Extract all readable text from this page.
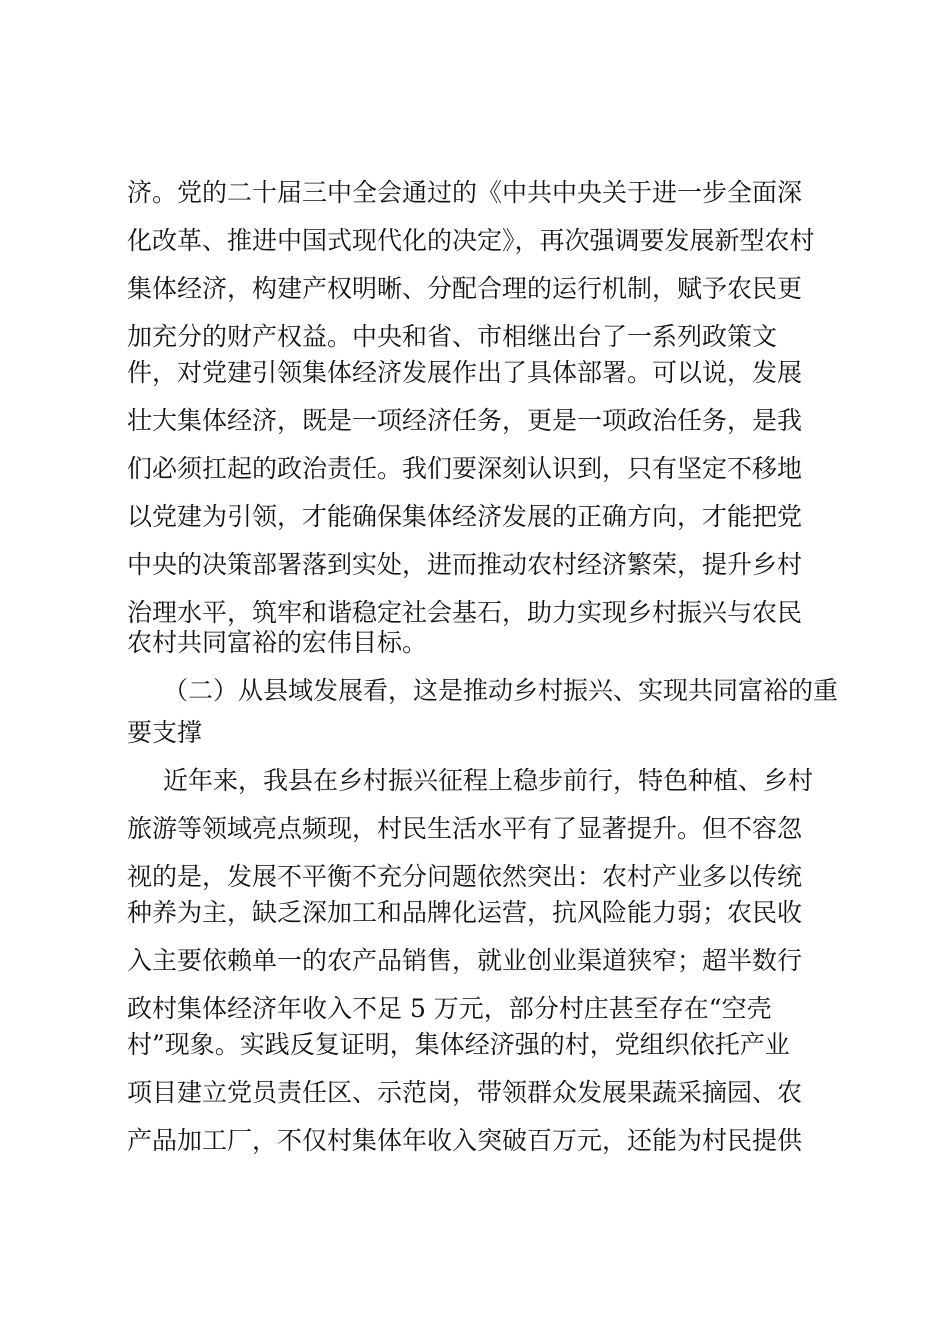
济。党的二十届三中全会通过的《中共中央关于进一步全面深
化改革、推进中国式现代化的决定》，再次强调要发展新型农村
集体经济，构建产权明晰、分配合理的运行机制，赋予农民更
加充分的财产权益。中央和省、市相继出台了一系列政策文
件，对党建引领集体经济发展作出了具体部署。可以说，发展
壮大集体经济，既是一项经济任务，更是一项政治任务，是我
们必须扛起的政治责任。我们要深刻认识到，只有坚定不移地
以党建为引领，才能确保集体经济发展的正确方向，才能把党
中央的决策部署落到实处，进而推动农村经济繁荣，提升乡村
治理水平，筑牢和谐稳定社会基石，助力实现乡村振兴与农民
农村共同富裕的宏伟目标。
（二）从县域发展看，这是推动乡村振兴、实现共同富裕的重
要支撑
近年来，我县在乡村振兴征程上稳步前行，特色种植、乡村
旅游等领域亮点频现，村民生活水平有了显著提升。但不容忽
视的是，发展不平衡不充分问题依然突出：农村产业多以传统
种养为主，缺乏深加工和品牌化运营，抗风险能力弱；农民收
入主要依赖单一的农产品销售，就业创业渠道狭窄；超半数行
政村集体经济年收入不足 5 万元，部分村庄甚至存在“空壳
村”现象。实践反复证明，集体经济强的村，党组织依托产业
项目建立党员责任区、示范岗，带领群众发展果蔬采摘园、农
产品加工厂，不仅村集体年收入突破百万元，还能为村民提供
